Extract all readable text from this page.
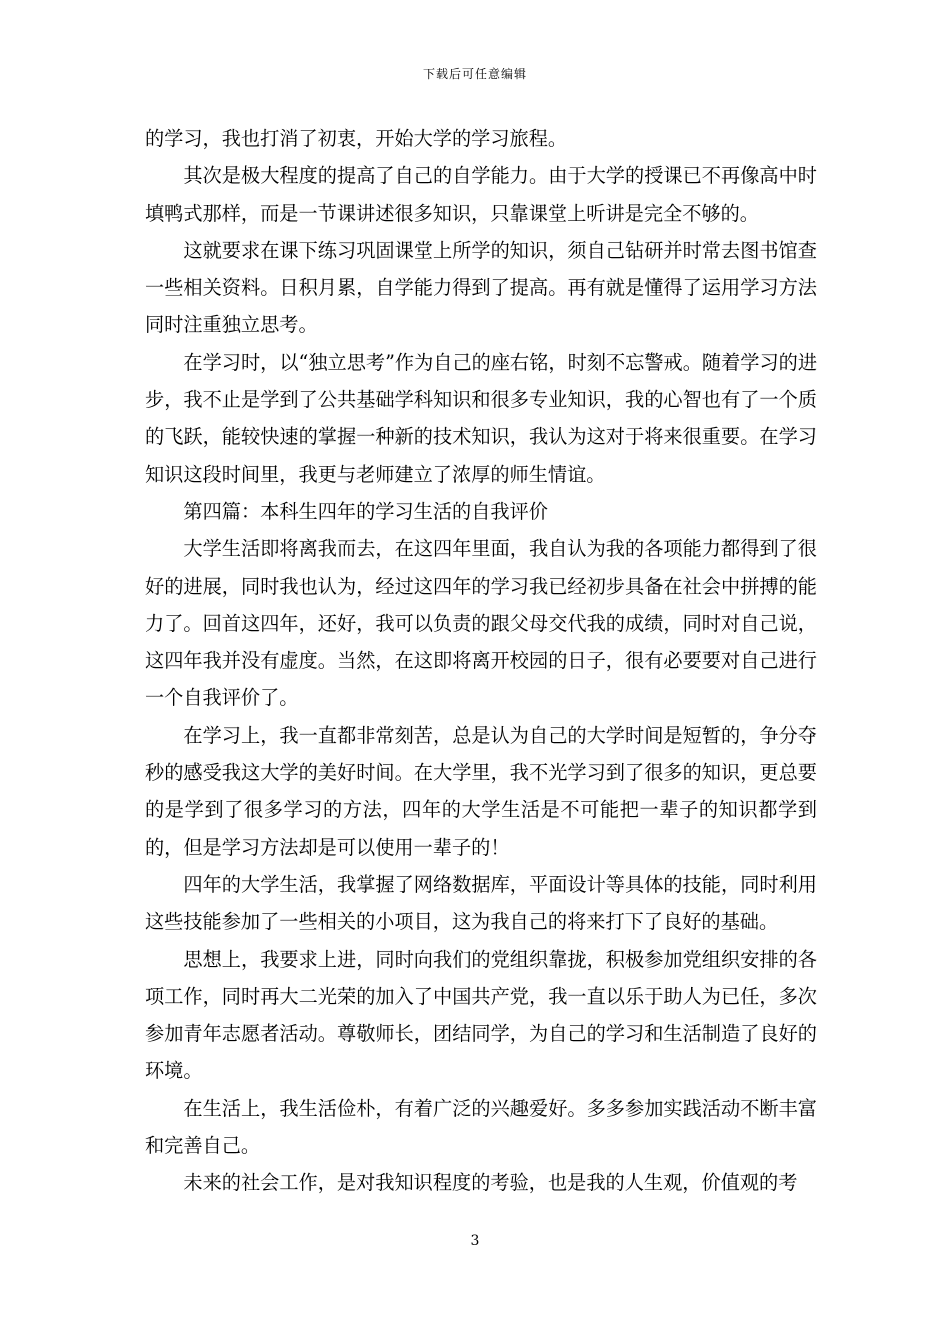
下载后可任意编辑

的学习，我也打消了初衷，开始大学的学习旅程。

其次是极大程度的提高了自己的自学能力。由于大学的授课已不再像高中时填鸭式那样，而是一节课讲述很多知识，只靠课堂上听讲是完全不够的。

这就要求在课下练习巩固课堂上所学的知识，须自己钻研并时常去图书馆查一些相关资料。日积月累，自学能力得到了提高。再有就是懂得了运用学习方法同时注重独立思考。

在学习时，以“独立思考”作为自己的座右铭，时刻不忘警戒。随着学习的进步，我不止是学到了公共基础学科知识和很多专业知识，我的心智也有了一个质的飞跃，能较快速的掌握一种新的技术知识，我认为这对于将来很重要。在学习知识这段时间里，我更与老师建立了浓厚的师生情谊。

第四篇：本科生四年的学习生活的自我评价

大学生活即将离我而去，在这四年里面，我自认为我的各项能力都得到了很好的进展，同时我也认为，经过这四年的学习我已经初步具备在社会中拼搏的能力了。回首这四年，还好，我可以负责的跟父母交代我的成绩，同时对自己说，这四年我并没有虚度。当然，在这即将离开校园的日子，很有必要要对自己进行一个自我评价了。

在学习上，我一直都非常刻苦，总是认为自己的大学时间是短暂的，争分夺秒的感受我这大学的美好时间。在大学里，我不光学习到了很多的知识，更总要的是学到了很多学习的方法，四年的大学生活是不可能把一辈子的知识都学到的，但是学习方法却是可以使用一辈子的！

四年的大学生活，我掌握了网络数据库，平面设计等具体的技能，同时利用这些技能参加了一些相关的小项目，这为我自己的将来打下了良好的基础。

思想上，我要求上进，同时向我们的党组织靠拢，积极参加党组织安排的各项工作，同时再大二光荣的加入了中国共产党，我一直以乐于助人为已任，多次参加青年志愿者活动。尊敬师长，团结同学，为自己的学习和生活制造了良好的环境。

在生活上，我生活俭朴，有着广泛的兴趣爱好。多多参加实践活动不断丰富和完善自己。

未来的社会工作，是对我知识程度的考验，也是我的人生观，价值观的考

3
